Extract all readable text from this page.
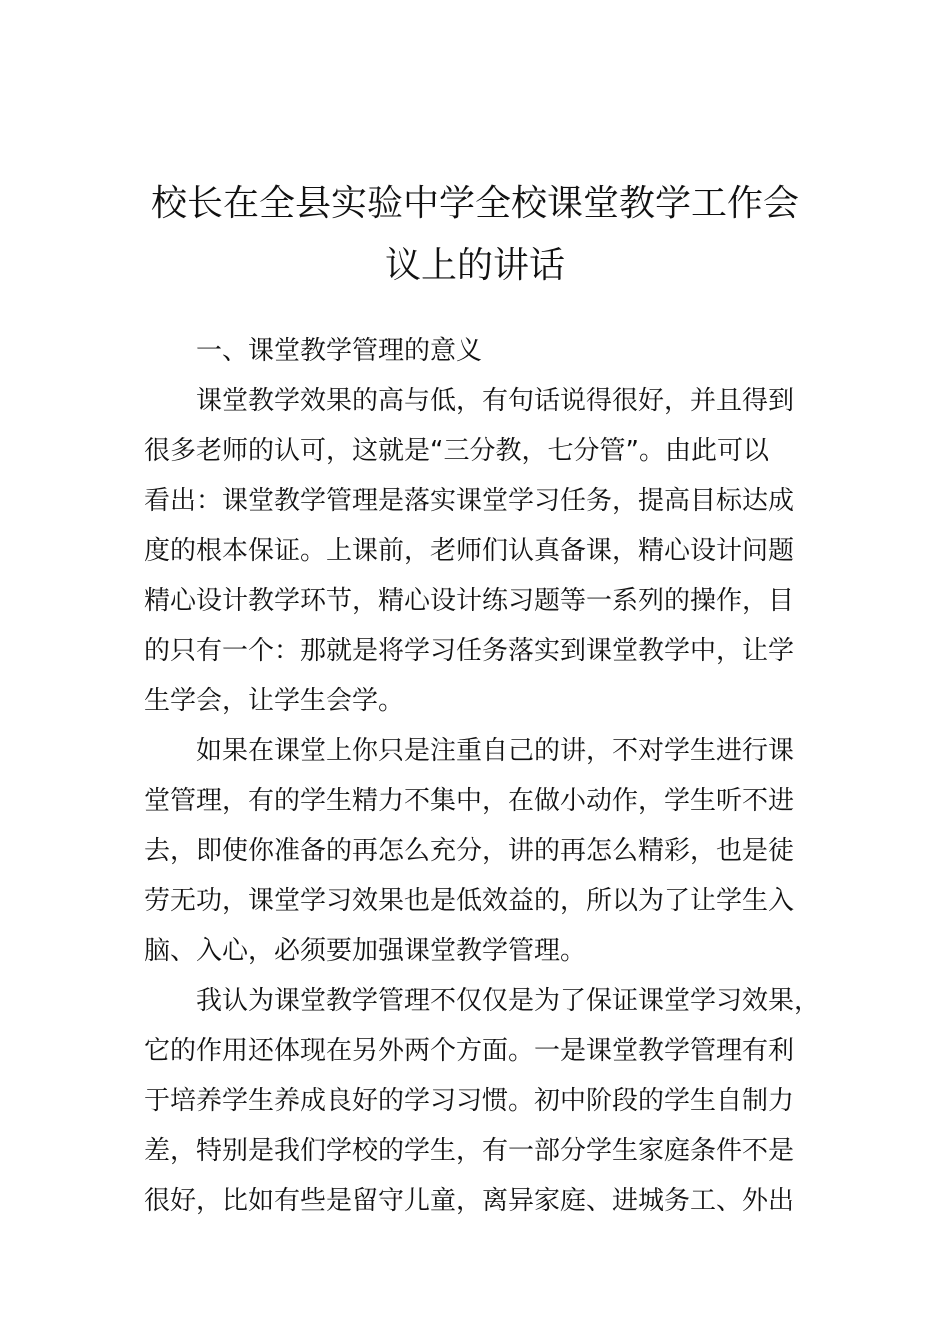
校长在全县实验中学全校课堂教学工作会
议上的讲话
一、课堂教学管理的意义
课堂教学效果的高与低，有句话说得很好，并且得到
很多老师的认可，这就是“三分教，七分管”。由此可以
看出：课堂教学管理是落实课堂学习任务，提高目标达成
度的根本保证。上课前，老师们认真备课，精心设计问题
精心设计教学环节，精心设计练习题等一系列的操作，目
的只有一个：那就是将学习任务落实到课堂教学中，让学
生学会，让学生会学。
如果在课堂上你只是注重自己的讲，不对学生进行课
堂管理，有的学生精力不集中，在做小动作，学生听不进
去，即使你准备的再怎么充分，讲的再怎么精彩，也是徒
劳无功，课堂学习效果也是低效益的，所以为了让学生入
脑、入心，必须要加强课堂教学管理。
我认为课堂教学管理不仅仅是为了保证课堂学习效果，
它的作用还体现在另外两个方面。一是课堂教学管理有利
于培养学生养成良好的学习习惯。初中阶段的学生自制力
差，特别是我们学校的学生，有一部分学生家庭条件不是
很好，比如有些是留守儿童，离异家庭、进城务工、外出
